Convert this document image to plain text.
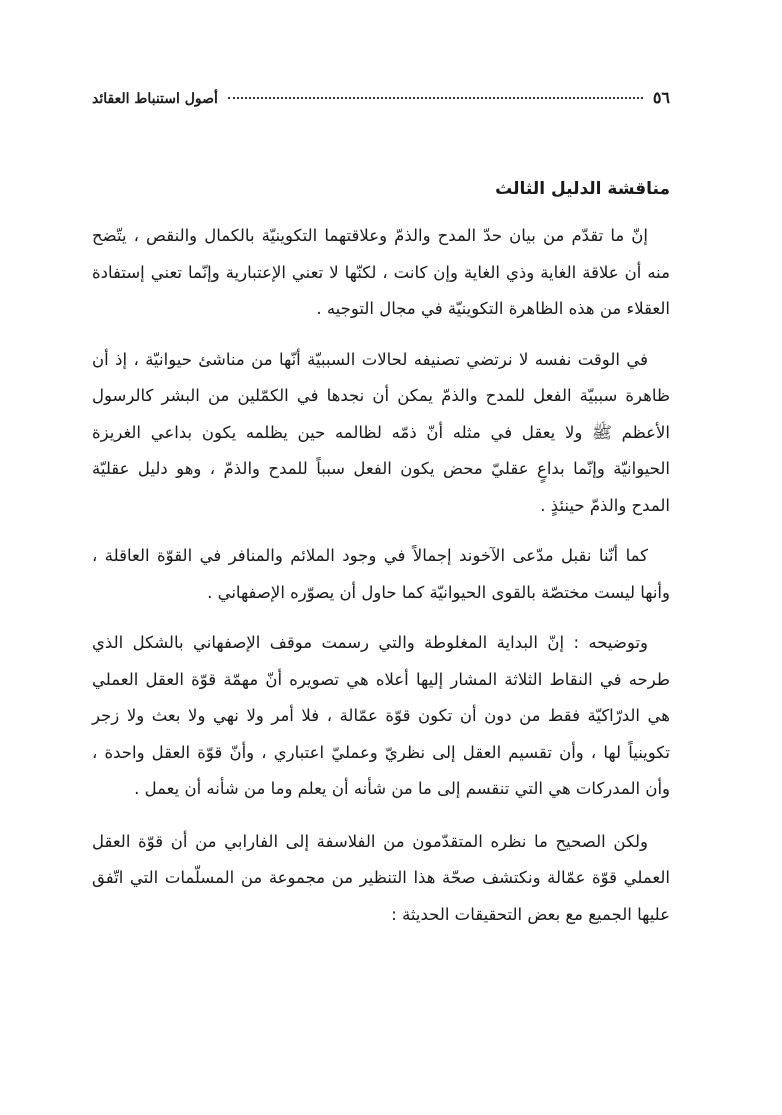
٥٦
أصول استنباط العقائد
مناقشة الدليل الثالث

إنّ ما تقدّم من بيان حدّ المدح والذمّ وعلاقتهما التكوينيّة بالكمال والنقص ، يتّضح منه أن علاقة الغاية وذي الغاية وإن كانت ، لكنّها لا تعني الإعتبارية وإنّما تعني إستفادة العقلاء من هذه الظاهرة التكوينيّة في مجال التوجيه .

في الوقت نفسه لا نرتضي تصنيفه لحالات السببيّة أنّها من مناشئ حيوانيّة ، إذ أن ظاهرة سببيّة الفعل للمدح والذمّ يمكن أن نجدها في الكمّلين من البشر كالرسول الأعظم ﷺ ولا يعقل في مثله أنّ ذمّه لظالمه حين يظلمه يكون بداعي الغريزة الحيوانيّة وإنّما بداعٍ عقليّ محض يكون الفعل سبباً للمدح والذمّ ، وهو دليل عقليّة المدح والذمّ حينئذٍ .

كما أنّنا نقبل مدّعى الآخوند إجمالاً في وجود الملائم والمنافر في القوّة العاقلة ، وأنها ليست مختصّة بالقوى الحيوانيّة كما حاول أن يصوّره الإصفهاني .

وتوضيحه : إنّ البداية المغلوطة والتي رسمت موقف الإصفهاني بالشكل الذي طرحه في النقاط الثلاثة المشار إليها أعلاه هي تصويره أنّ مهمّة قوّة العقل العملي هي الدرّاكيّة فقط من دون أن تكون قوّة عمّالة ، فلا أمر ولا نهي ولا بعث ولا زجر تكوينياً لها ، وأن تقسيم العقل إلى نظريّ وعمليّ اعتباري ، وأنّ قوّة العقل واحدة ، وأن المدركات هي التي تنقسم إلى ما من شأنه أن يعلم وما من شأنه أن يعمل .

ولكن الصحيح ما نظره المتقدّمون من الفلاسفة إلى الفارابي من أن قوّة العقل العملي قوّة عمّالة ونكتشف صحّة هذا التنظير من مجموعة من المسلّمات التي اتّفق عليها الجميع مع بعض التحقيقات الحديثة :
